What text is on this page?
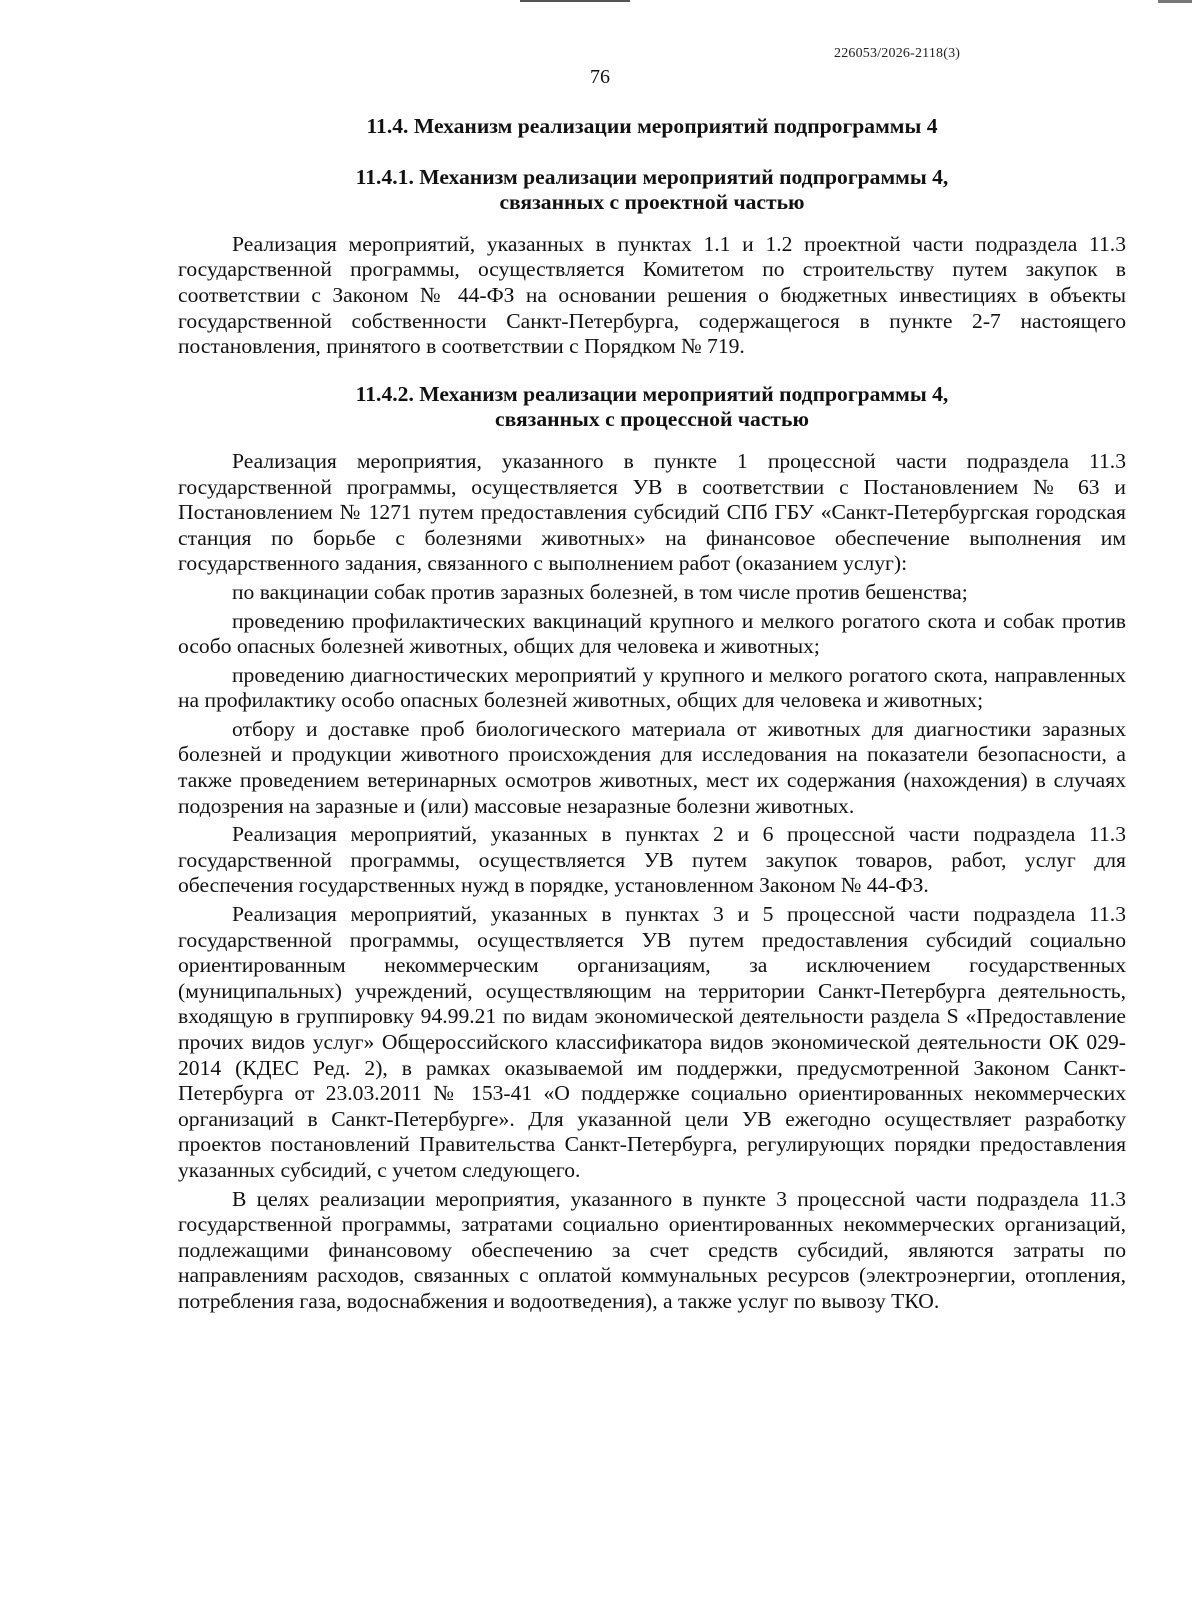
226053/2026-2118(3)
76

11.4. Механизм реализации мероприятий подпрограммы 4

11.4.1. Механизм реализации мероприятий подпрограммы 4,

связанных с проектной частью

Реализация мероприятий, указанных в пунктах 1.1 и 1.2 проектной части подраздела 11.3 государственной программы, осуществляется Комитетом по строительству путем закупок в соответствии с Законом № 44-ФЗ на основании решения о бюджетных инвестициях в объекты государственной собственности Санкт-Петербурга, содержащегося в пункте 2-7 настоящего постановления, принятого в соответствии с Порядком № 719.

11.4.2. Механизм реализации мероприятий подпрограммы 4,

связанных с процессной частью

Реализация мероприятия, указанного в пункте 1 процессной части подраздела 11.3 государственной программы, осуществляется УВ в соответствии с Постановлением № 63 и Постановлением № 1271 путем предоставления субсидий СПб ГБУ «Санкт-Петербургская городская станция по борьбе с болезнями животных» на финансовое обеспечение выполнения им государственного задания, связанного с выполнением работ (оказанием услуг):

по вакцинации собак против заразных болезней, в том числе против бешенства;

проведению профилактических вакцинаций крупного и мелкого рогатого скота и собак против особо опасных болезней животных, общих для человека и животных;

проведению диагностических мероприятий у крупного и мелкого рогатого скота, направленных на профилактику особо опасных болезней животных, общих для человека и животных;

отбору и доставке проб биологического материала от животных для диагностики заразных болезней и продукции животного происхождения для исследования на показатели безопасности, а также проведением ветеринарных осмотров животных, мест их содержания (нахождения) в случаях подозрения на заразные и (или) массовые незаразные болезни животных.

Реализация мероприятий, указанных в пунктах 2 и 6 процессной части подраздела 11.3 государственной программы, осуществляется УВ путем закупок товаров, работ, услуг для обеспечения государственных нужд в порядке, установленном Законом № 44-ФЗ.

Реализация мероприятий, указанных в пунктах 3 и 5 процессной части подраздела 11.3 государственной программы, осуществляется УВ путем предоставления субсидий социально ориентированным некоммерческим организациям, за исключением государственных (муниципальных) учреждений, осуществляющим на территории Санкт-Петербурга деятельность, входящую в группировку 94.99.21 по видам экономической деятельности раздела S «Предоставление прочих видов услуг» Общероссийского классификатора видов экономической деятельности ОК 029-2014 (КДЕС Ред. 2), в рамках оказываемой им поддержки, предусмотренной Законом Санкт-Петербурга от 23.03.2011 № 153-41 «О поддержке социально ориентированных некоммерческих организаций в Санкт-Петербурге». Для указанной цели УВ ежегодно осуществляет разработку проектов постановлений Правительства Санкт-Петербурга, регулирующих порядки предоставления указанных субсидий, с учетом следующего.

В целях реализации мероприятия, указанного в пункте 3 процессной части подраздела 11.3 государственной программы, затратами социально ориентированных некоммерческих организаций, подлежащими финансовому обеспечению за счет средств субсидий, являются затраты по направлениям расходов, связанных с оплатой коммунальных ресурсов (электроэнергии, отопления, потребления газа, водоснабжения и водоотведения), а также услуг по вывозу ТКО.
